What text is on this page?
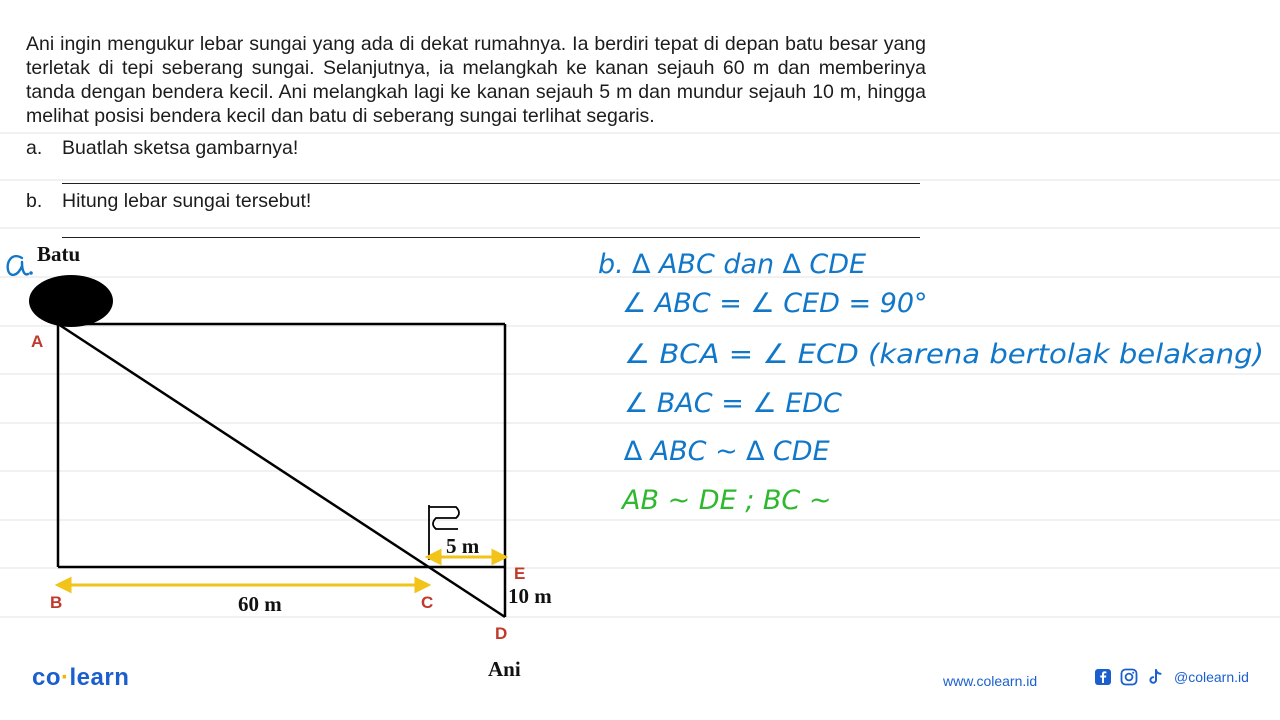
Ani ingin mengukur lebar sungai yang ada di dekat rumahnya. Ia berdiri tepat di depan batu besar yang terletak di tepi seberang sungai. Selanjutnya, ia melangkah ke kanan sejauh 60 m dan memberinya tanda dengan bendera kecil. Ani melangkah lagi ke kanan sejauh 5 m dan mundur sejauh 10 m, hingga melihat posisi bendera kecil dan batu di seberang sungai terlihat segaris.

a. Buatlah sketsa gambarnya!
b. Hitung lebar sungai tersebut!
Batu
A
B	C
D
E
60 m
5 m
10 m
Ani
b. ∆ ABC dan ∆ CDE
∠ ABC = ∠ CED = 90°
∠ BCA = ∠ ECD (karena bertolak belakang)
∠ BAC = ∠ EDC
∆ ABC ~ ∆ CDE
AB ~ DE ; BC ~
co·learn	www.colearn.id	@colearn.id
